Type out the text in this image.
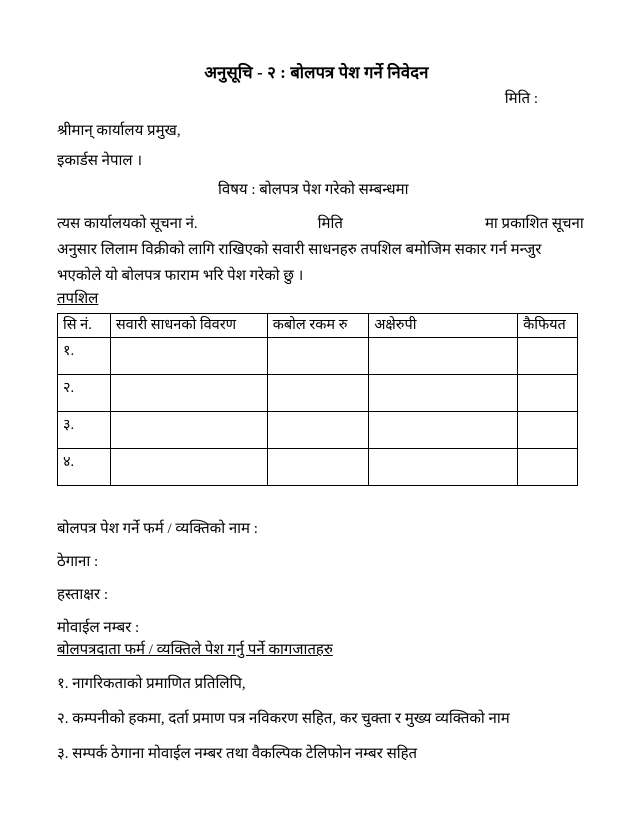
अनुसूचि - २ : बोलपत्र पेश गर्ने निवेदन
मिति :
श्रीमान् कार्यालय प्रमुख,
इकार्डस नेपाल ।
विषय : बोलपत्र पेश गरेको सम्बन्धमा
त्यस कार्यालयको सूचना नं.	मिति	मा प्रकाशित सूचना
अनुसार लिलाम विक्रीको लागि राखिएको सवारी साधनहरु तपशिल बमोजिम सकार गर्न मन्जुर
भएकोले यो बोलपत्र फाराम भरि पेश गरेको छु ।
तपशिल
सि नं.	सवारी साधनको विवरण	कबोल रकम रु	अक्षेरुपी	कैफियत
१.				
२.				
३.				
४.				
बोलपत्र पेश गर्ने फर्म / व्यक्तिको नाम :
ठेगाना :
हस्ताक्षर :
मोवाईल नम्बर :
बोलपत्रदाता फर्म / व्यक्तिले पेश गर्नु पर्ने कागजातहरु
१. नागरिकताको प्रमाणित प्रतिलिपि,
२. कम्पनीको हकमा, दर्ता प्रमाण पत्र नविकरण सहित, कर चुक्ता र मुख्य व्यक्तिको नाम
३. सम्पर्क ठेगाना मोवाईल नम्बर तथा वैकल्पिक टेलिफोन नम्बर सहित
